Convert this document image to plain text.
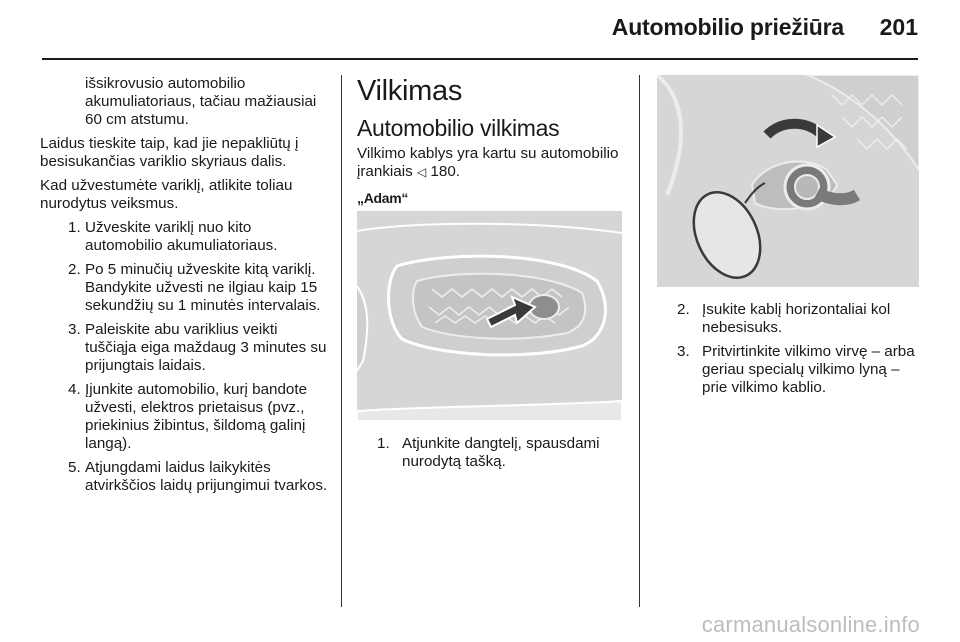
Automobilio priežiūra 201

išsikrovusio automobilio akumuliatoriaus, tačiau mažiausiai 60 cm atstumu.

Laidus tieskite taip, kad jie nepakliūtų į besisukančias variklio skyriaus dalis.

Kad užvestumėte variklį, atlikite toliau nurodytus veiksmus.

1. Užveskite variklį nuo kito automobilio akumuliatoriaus.
2. Po 5 minučių užveskite kitą variklį. Bandykite užvesti ne ilgiau kaip 15 sekundžių su 1 minutės intervalais.
3. Paleiskite abu variklius veikti tuščiąja eiga maždaug 3 minutes su prijungtais laidais.
4. Įjunkite automobilio, kurį bandote užvesti, elektros prietaisus (pvz., priekinius žibintus, šildomą galinį langą).
5. Atjungdami laidus laikykitės atvirkščios laidų prijungimui tvarkos.
Vilkimas
Automobilio vilkimas

Vilkimo kablys yra kartu su automobilio įrankiais ◁ 180.

„Adam“
1. Atjunkite dangtelį, spausdami nurodytą tašką.
2. Įsukite kablį horizontaliai kol nebesisuks.
3. Pritvirtinkite vilkimo virvę – arba geriau specialų vilkimo lyną – prie vilkimo kablio.
carmanualsonline.info
